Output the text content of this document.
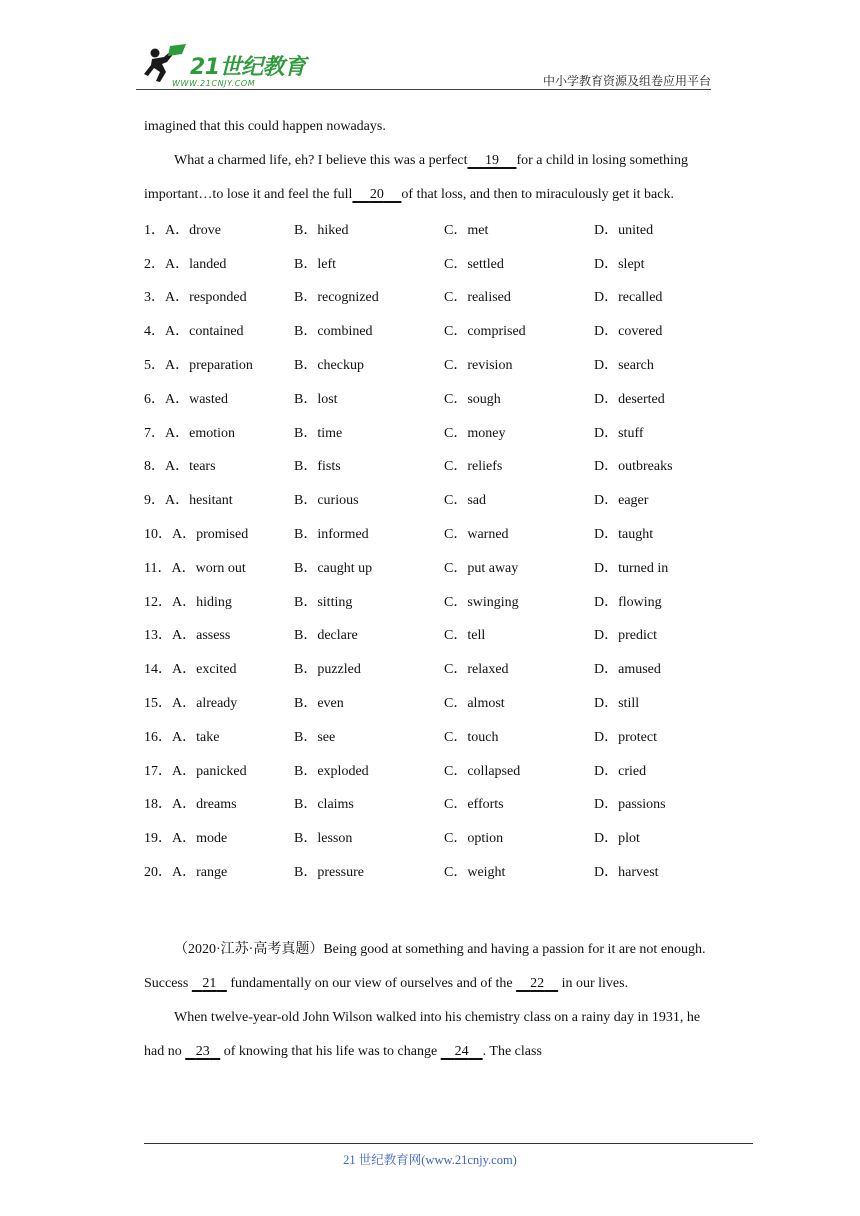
21世纪教育
WWW.21CNJY.COM	中小学教育资源及组卷应用平台

imagined that this could happen nowadays.

What a charmed life, eh? I believe this was a perfect 19 for a child in losing something important…to lose it and feel the full 20 of that loss, and then to miraculously get it back.

1．A．drove	B．hiked	C．met	D．united
2．A．landed	B．left	C．settled	D．slept
3．A．responded	B．recognized	C．realised	D．recalled
4．A．contained	B．combined	C．comprised	D．covered
5．A．preparation	B．checkup	C．revision	D．search
6．A．wasted	B．lost	C．sough	D．deserted
7．A．emotion	B．time	C．money	D．stuff
8．A．tears	B．fists	C．reliefs	D．outbreaks
9．A．hesitant	B．curious	C．sad	D．eager
10．A．promised	B．informed	C．warned	D．taught
11．A．worn out	B．caught up	C．put away	D．turned in
12．A．hiding	B．sitting	C．swinging	D．flowing
13．A．assess	B．declare	C．tell	D．predict
14．A．excited	B．puzzled	C．relaxed	D．amused
15．A．already	B．even	C．almost	D．still
16．A．take	B．see	C．touch	D．protect
17．A．panicked	B．exploded	C．collapsed	D．cried
18．A．dreams	B．claims	C．efforts	D．passions
19．A．mode	B．lesson	C．option	D．plot
20．A．range	B．pressure	C．weight	D．harvest

（2020·江苏·高考真题）Being good at something and having a passion for it are not enough. Success 21 fundamentally on our view of ourselves and of the 22 in our lives.

When twelve-year-old John Wilson walked into his chemistry class on a rainy day in 1931, he had no 23 of knowing that his life was to change 24 . The class

21 世纪教育网(www.21cnjy.com)
